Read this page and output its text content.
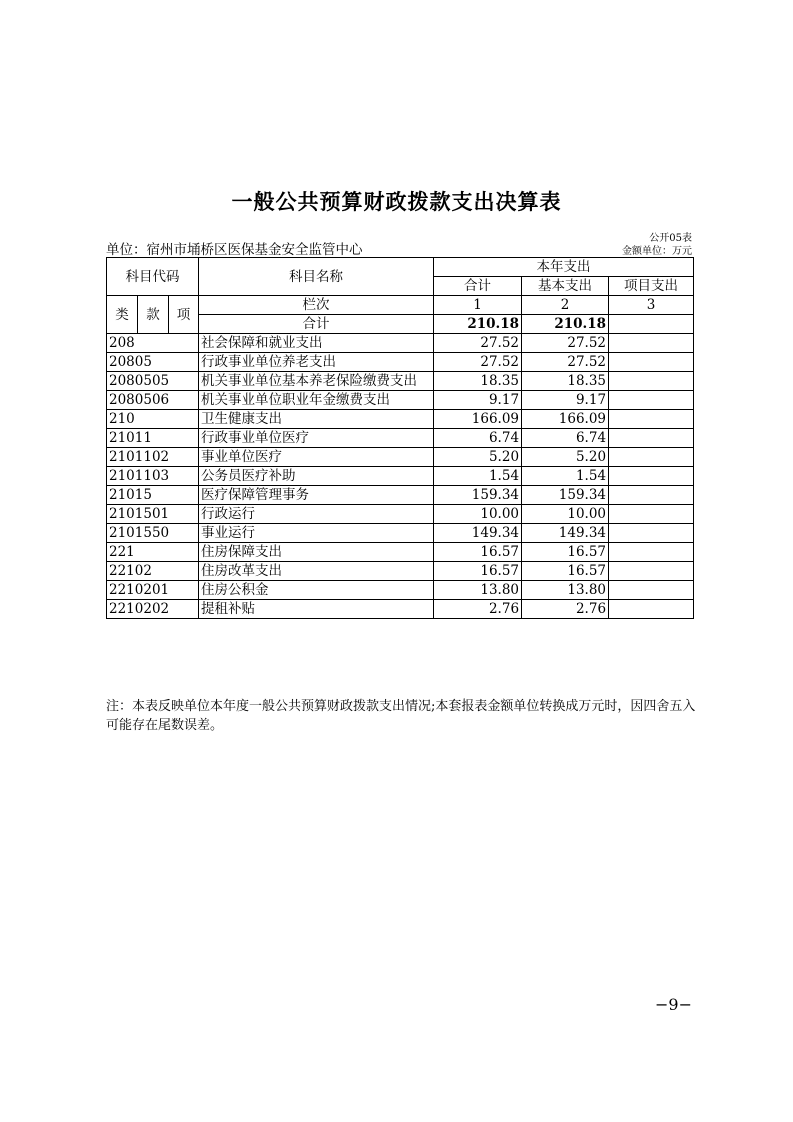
一般公共预算财政拨款支出决算表
公开05表
单位：宿州市埇桥区医保基金安全监管中心	金额单位：万元
科目代码			科目名称	本年支出		
				合计	基本支出	项目支出

类	款	项	栏次	1	2	3
			合计	210.18	210.18	
208			社会保障和就业支出	27.52	27.52	
20805			行政事业单位养老支出	27.52	27.52	
2080505			机关事业单位基本养老保险缴费支出	18.35	18.35	
2080506			机关事业单位职业年金缴费支出	9.17	9.17	
210			卫生健康支出	166.09	166.09	
21011			行政事业单位医疗	6.74	6.74	
2101102			事业单位医疗	5.20	5.20	
2101103			公务员医疗补助	1.54	1.54	
21015			医疗保障管理事务	159.34	159.34	
2101501			行政运行	10.00	10.00	
2101550			事业运行	149.34	149.34	
221			住房保障支出	16.57	16.57	
22102			住房改革支出	16.57	16.57	
2210201			住房公积金	13.80	13.80	
2210202			提租补贴	2.76	2.76	
注：本表反映单位本年度一般公共预算财政拨款支出情况;本套报表金额单位转换成万元时，因四舍五入可能存在尾数误差。
−9−
